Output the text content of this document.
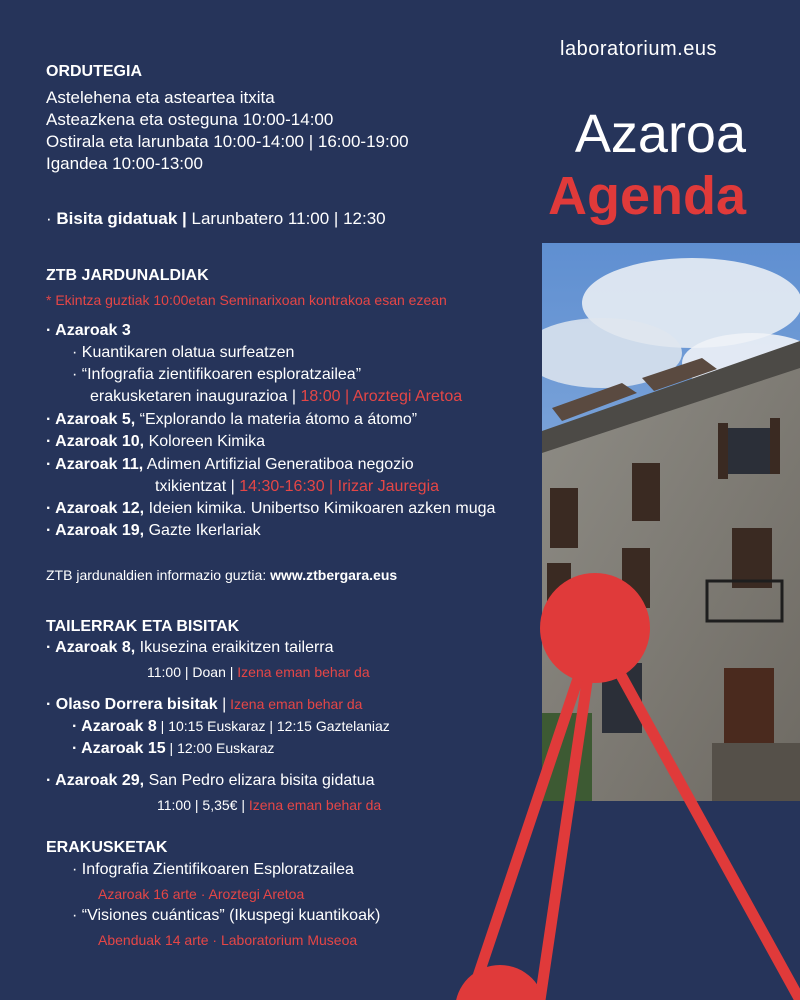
laboratorium.eus
Azaroa
Agenda
ORDUTEGIA
Astelehena eta asteartea itxita
Asteazkena eta osteguna 10:00-14:00
Ostirala eta larunbata 10:00-14:00 | 16:00-19:00
Igandea 10:00-13:00
· Bisita gidatuak | Larunbatero 11:00 | 12:30
ZTB JARDUNALDIAK
* Ekintza guztiak 10:00etan Seminarixoan kontrakoa esan ezean
· Azaroak 3
· Kuantikaren olatua surfeatzen
· “Infografia zientifikoaren esploratzailea”
erakusketaren inaugurazioa | 18:00 | Aroztegi Aretoa
· Azaroak 5, “Explorando la materia átomo a átomo”
· Azaroak 10, Koloreen Kimika
· Azaroak 11, Adimen Artifizial Generatiboa negozio
txikientzat | 14:30-16:30 | Irizar Jauregia
· Azaroak 12, Ideien kimika. Unibertso Kimikoaren azken muga
· Azaroak 19, Gazte Ikerlariak
ZTB jardunaldien informazio guztia: www.ztbergara.eus
TAILERRAK ETA BISITAK
· Azaroak 8, Ikusezina eraikitzen tailerra
11:00 | Doan | Izena eman behar da
· Olaso Dorrera bisitak | Izena eman behar da
· Azaroak 8 | 10:15 Euskaraz | 12:15 Gaztelaniaz
· Azaroak 15 | 12:00 Euskaraz
· Azaroak 29, San Pedro elizara bisita gidatua
11:00 | 5,35€ | Izena eman behar da
ERAKUSKETAK
· Infografia Zientifikoaren Esploratzailea
Azaroak 16 arte · Aroztegi Aretoa
· “Visiones cuánticas” (Ikuspegi kuantikoak)
Abenduak 14 arte · Laboratorium Museoa
